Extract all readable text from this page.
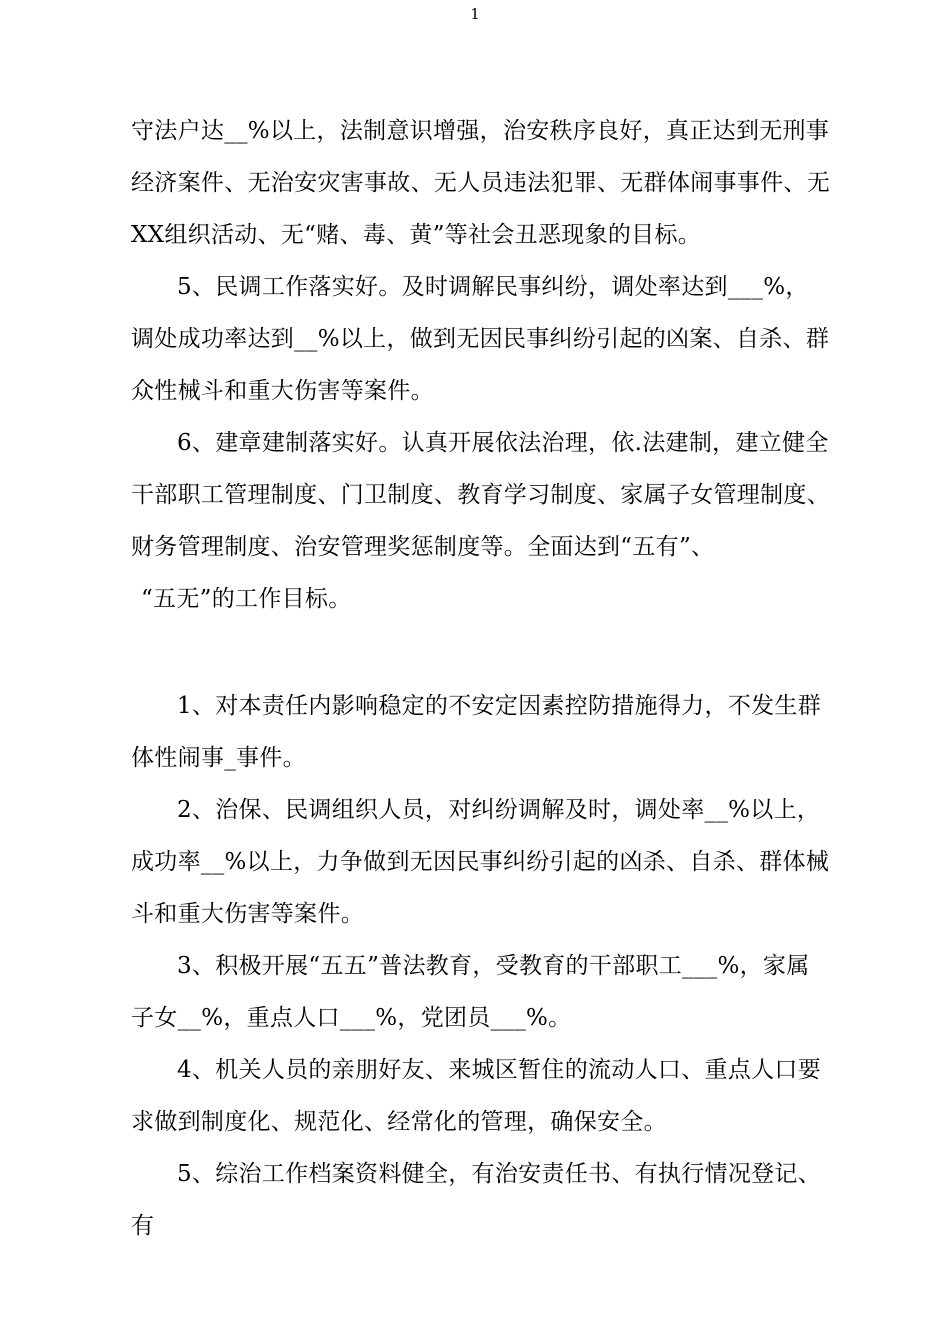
1

守法户达__%以上，法制意识增强，治安秩序良好，真正达到无刑事经济案件、无治安灾害事故、无人员违法犯罪、无群体闹事事件、无XX组织活动、无“赌、毒、黄”等社会丑恶现象的目标。

5、民调工作落实好。及时调解民事纠纷，调处率达到___%，调处成功率达到__%以上，做到无因民事纠纷引起的凶案、自杀、群众性械斗和重大伤害等案件。

6、建章建制落实好。认真开展依法治理，依.法建制，建立健全干部职工管理制度、门卫制度、教育学习制度、家属子女管理制度、财务管理制度、治安管理奖惩制度等。全面达到“五有”、

“五无”的工作目标。

1、对本责任内影响稳定的不安定因素控防措施得力，不发生群体性闹事_事件。

2、治保、民调组织人员，对纠纷调解及时，调处率__%以上，成功率__%以上，力争做到无因民事纠纷引起的凶杀、自杀、群体械斗和重大伤害等案件。

3、积极开展“五五”普法教育，受教育的干部职工___%，家属子女__%，重点人口___%，党团员___%。

4、机关人员的亲朋好友、来城区暂住的流动人口、重点人口要求做到制度化、规范化、经常化的管理，确保安全。

5、综治工作档案资料健全，有治安责任书、有执行情况登记、有
